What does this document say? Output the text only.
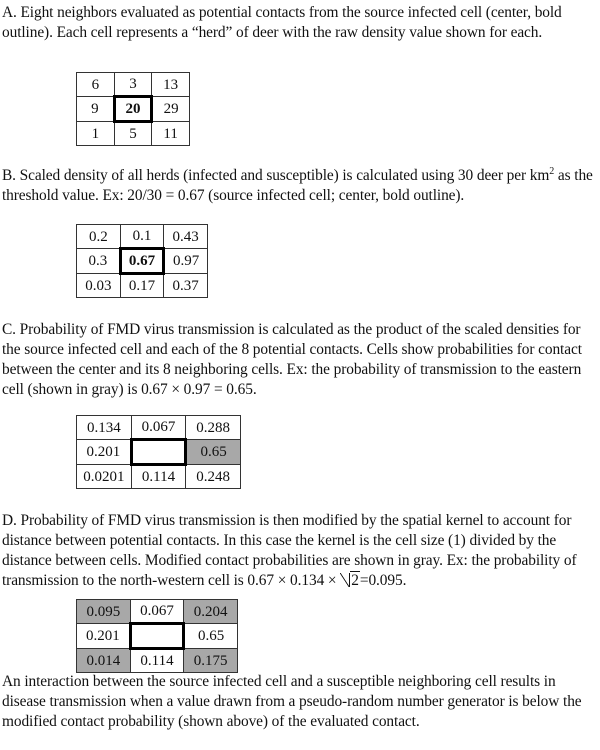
A. Eight neighbors evaluated as potential contacts from the source infected cell (center, bold outline). Each cell represents a “herd” of deer with the raw density value shown for each.

6	3	13
9	20	29
1	5	11

B. Scaled density of all herds (infected and susceptible) is calculated using 30 deer per $km^2$ as the threshold value. Ex: 20/30 = 0.67 (source infected cell; center, bold outline).

0.2	0.1	0.43
0.3	0.67	0.97
0.03	0.17	0.37

C. Probability of FMD virus transmission is calculated as the product of the scaled densities for the source infected cell and each of the 8 potential contacts. Cells show probabilities for contact between the center and its 8 neighboring cells. Ex: the probability of transmission to the eastern cell (shown in gray) is 0.67 × 0.97 = 0.65.

0.134	0.067	0.288
0.201		0.65
0.0201	0.114	0.248

D. Probability of FMD virus transmission is then modified by the spatial kernel to account for distance between potential contacts. In this case the kernel is the cell size (1) divided by the distance between cells. Modified contact probabilities are shown in gray. Ex: the probability of transmission to the north-western cell is 0.67 × 0.134 × 2=0.095.

0.095	0.067	0.204
0.201		0.65
0.014	0.114	0.175

An interaction between the source infected cell and a susceptible neighboring cell results in disease transmission when a value drawn from a pseudo-random number generator is below the modified contact probability (shown above) of the evaluated contact.
